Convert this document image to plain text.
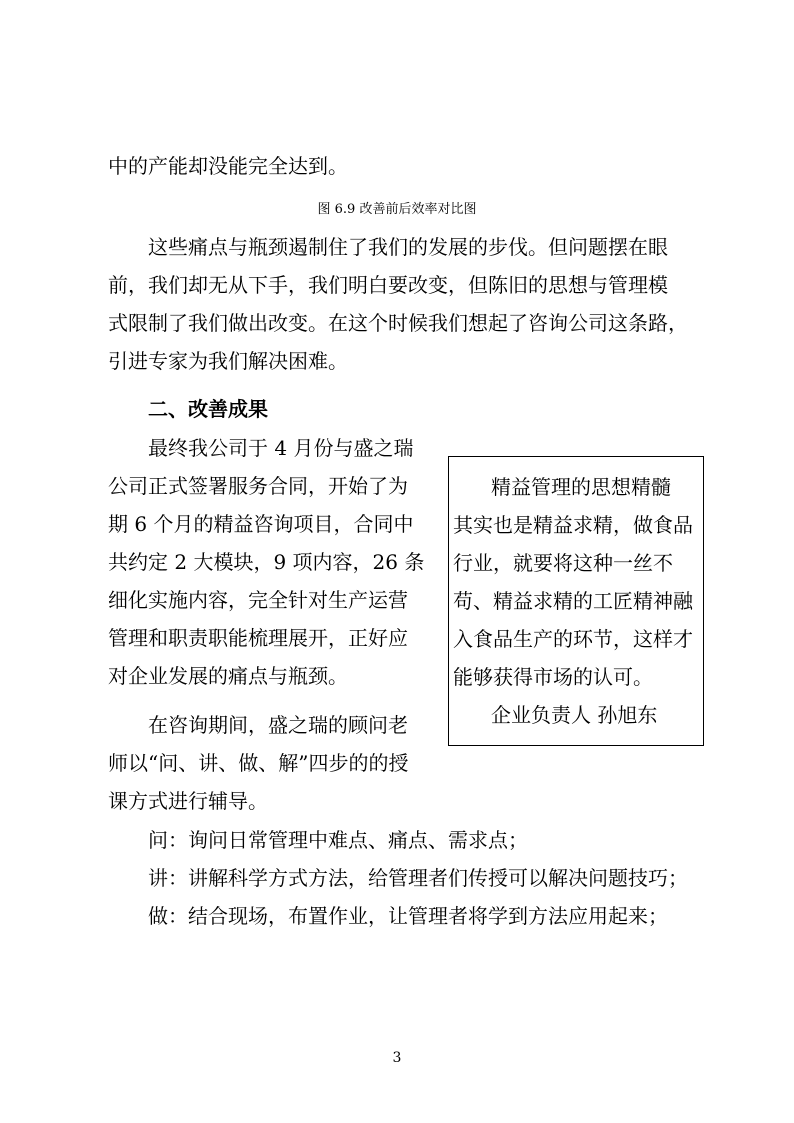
中的产能却没能完全达到。
图 6.9 改善前后效率对比图
这些痛点与瓶颈遏制住了我们的发展的步伐。但问题摆在眼
前，我们却无从下手，我们明白要改变，但陈旧的思想与管理模
式限制了我们做出改变。在这个时候我们想起了咨询公司这条路，
引进专家为我们解决困难。
二、改善成果
最终我公司于 4 月份与盛之瑞
公司正式签署服务合同，开始了为
期 6 个月的精益咨询项目，合同中
共约定 2 大模块，9 项内容，26 条
细化实施内容，完全针对生产运营
管理和职责职能梳理展开，正好应
对企业发展的痛点与瓶颈。
在咨询期间，盛之瑞的顾问老
师以“问、讲、做、解”四步的的授
课方式进行辅导。
精益管理的思想精髓
其实也是精益求精，做食品
行业，就要将这种一丝不
苟、精益求精的工匠精神融
入食品生产的环节，这样才
能够获得市场的认可。
企业负责人 孙旭东
问：询问日常管理中难点、痛点、需求点；
讲：讲解科学方式方法，给管理者们传授可以解决问题技巧；
做：结合现场，布置作业，让管理者将学到方法应用起来；
3
